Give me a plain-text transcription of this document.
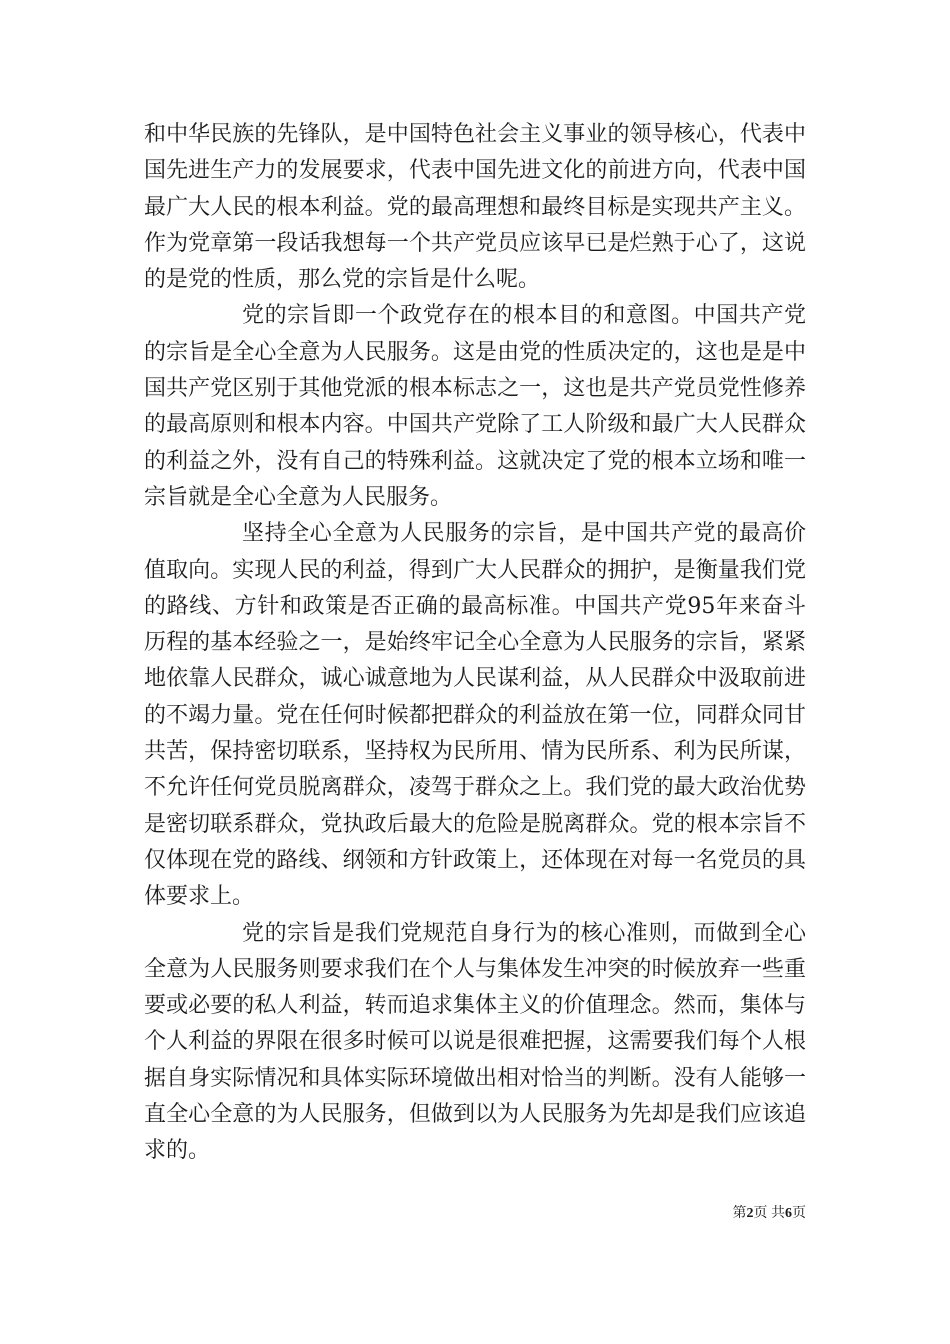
和中华民族的先锋队，是中国特色社会主义事业的领导核心，代表中国先进生产力的发展要求，代表中国先进文化的前进方向，代表中国最广大人民的根本利益。党的最高理想和最终目标是实现共产主义。作为党章第一段话我想每一个共产党员应该早已是烂熟于心了，这说的是党的性质，那么党的宗旨是什么呢。

党的宗旨即一个政党存在的根本目的和意图。中国共产党的宗旨是全心全意为人民服务。这是由党的性质决定的，这也是是中国共产党区别于其他党派的根本标志之一，这也是共产党员党性修养的最高原则和根本内容。中国共产党除了工人阶级和最广大人民群众的利益之外，没有自己的特殊利益。这就决定了党的根本立场和唯一宗旨就是全心全意为人民服务。

坚持全心全意为人民服务的宗旨，是中国共产党的最高价值取向。实现人民的利益，得到广大人民群众的拥护，是衡量我们党的路线、方针和政策是否正确的最高标准。中国共产党95年来奋斗历程的基本经验之一，是始终牢记全心全意为人民服务的宗旨，紧紧地依靠人民群众，诚心诚意地为人民谋利益，从人民群众中汲取前进的不竭力量。党在任何时候都把群众的利益放在第一位，同群众同甘共苦，保持密切联系，坚持权为民所用、情为民所系、利为民所谋，不允许任何党员脱离群众，凌驾于群众之上。我们党的最大政治优势是密切联系群众，党执政后最大的危险是脱离群众。党的根本宗旨不仅体现在党的路线、纲领和方针政策上，还体现在对每一名党员的具体要求上。

党的宗旨是我们党规范自身行为的核心准则，而做到全心全意为人民服务则要求我们在个人与集体发生冲突的时候放弃一些重要或必要的私人利益，转而追求集体主义的价值理念。然而，集体与个人利益的界限在很多时候可以说是很难把握，这需要我们每个人根据自身实际情况和具体实际环境做出相对恰当的判断。没有人能够一直全心全意的为人民服务，但做到以为人民服务为先却是我们应该追求的。

第2页 共6页
